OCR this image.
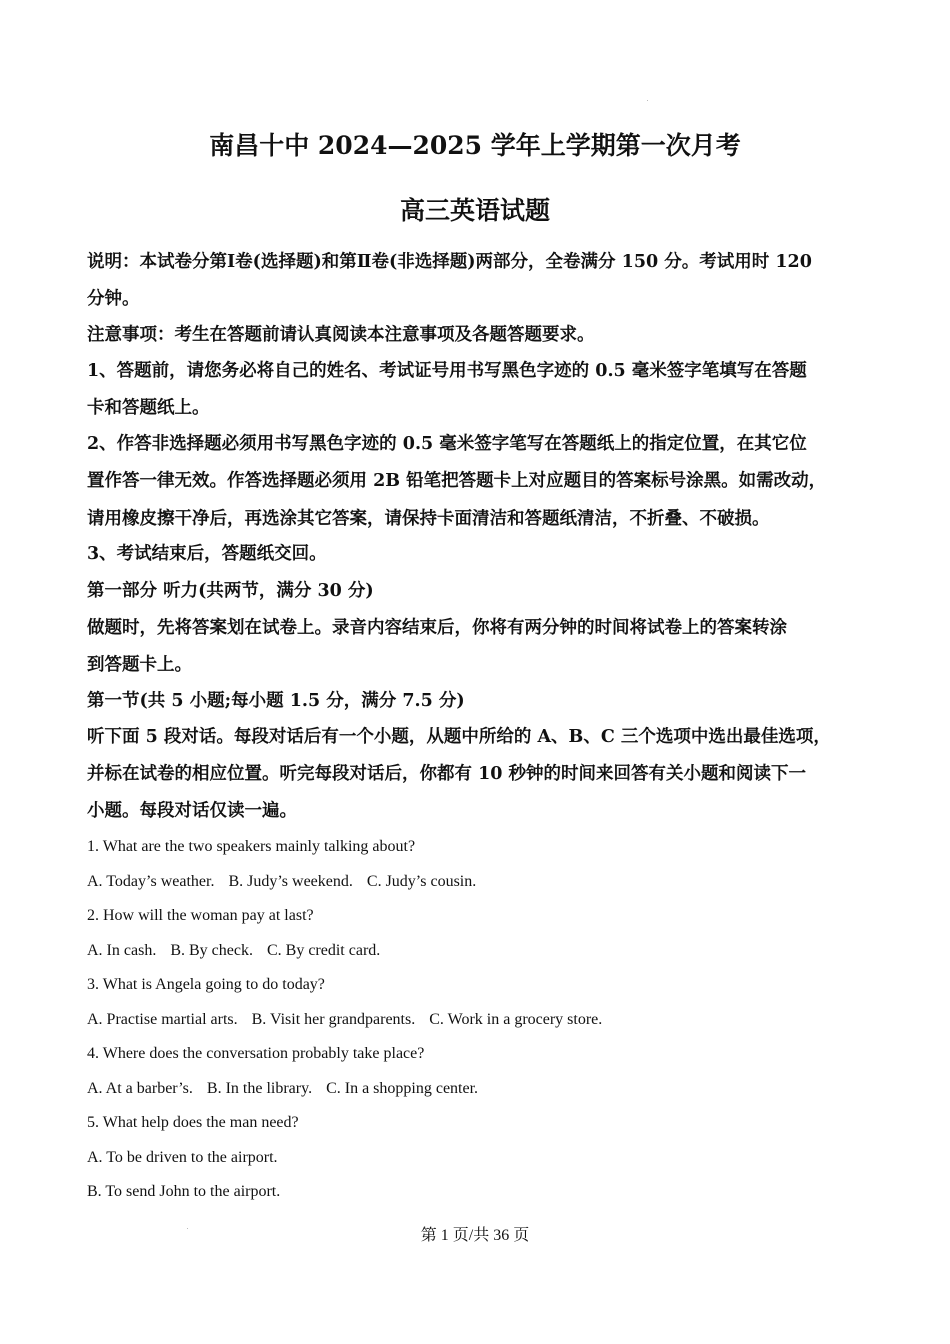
南昌十中 2024—2025 学年上学期第一次月考
高三英语试题
说明：本试卷分第Ⅰ卷(选择题)和第Ⅱ卷(非选择题)两部分，全卷满分 150 分。考试用时 120
分钟。
注意事项：考生在答题前请认真阅读本注意事项及各题答题要求。
1、答题前，请您务必将自己的姓名、考试证号用书写黑色字迹的 0.5 毫米签字笔填写在答题
卡和答题纸上。
2、作答非选择题必须用书写黑色字迹的 0.5 毫米签字笔写在答题纸上的指定位置，在其它位
置作答一律无效。作答选择题必须用 2B 铅笔把答题卡上对应题目的答案标号涂黑。如需改动，
请用橡皮擦干净后，再选涂其它答案，请保持卡面清洁和答题纸清洁，不折叠、不破损。
3、考试结束后，答题纸交回。
第一部分 听力(共两节，满分 30 分)
做题时，先将答案划在试卷上。录音内容结束后，你将有两分钟的时间将试卷上的答案转涂
到答题卡上。
第一节(共 5 小题;每小题 1.5 分，满分 7.5 分)
听下面 5 段对话。每段对话后有一个小题，从题中所给的 A、B、C 三个选项中选出最佳选项，
并标在试卷的相应位置。听完每段对话后，你都有 10 秒钟的时间来回答有关小题和阅读下一
小题。每段对话仅读一遍。
1. What are the two speakers mainly talking about?
A. Today’s weather. B. Judy’s weekend. C. Judy’s cousin.
2. How will the woman pay at last?
A. In cash. B. By check. C. By credit card.
3. What is Angela going to do today?
A. Practise martial arts. B. Visit her grandparents. C. Work in a grocery store.
4. Where does the conversation probably take place?
A. At a barber’s. B. In the library. C. In a shopping center.
5. What help does the man need?
A. To be driven to the airport.
B. To send John to the airport.
第 1 页/共 36 页
